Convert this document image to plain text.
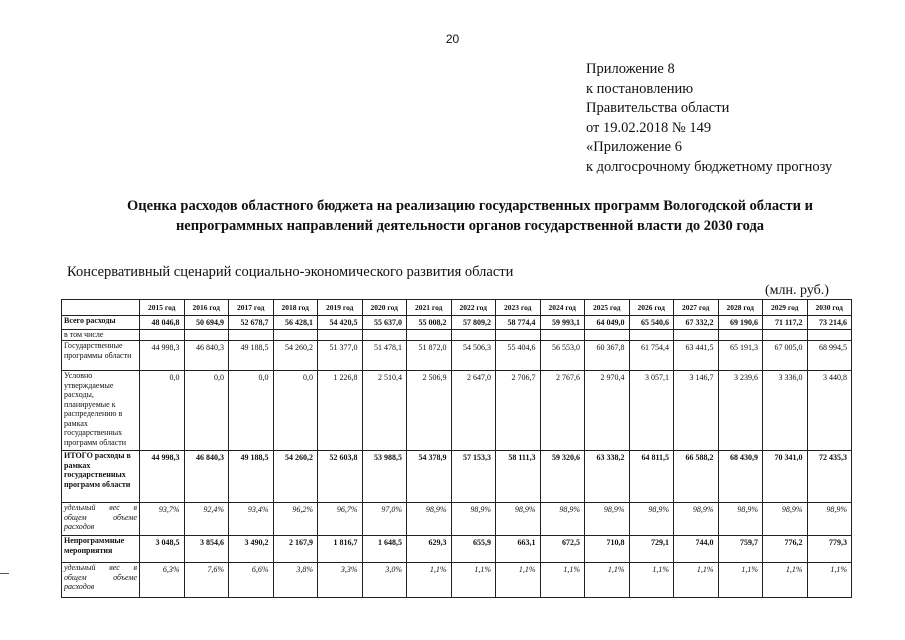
20
Приложение 8
к постановлению
Правительства области
от 19.02.2018 № 149
«Приложение 6
к долгосрочному бюджетному прогнозу
Оценка расходов областного бюджета на реализацию государственных программ Вологодской области и непрограммных направлений деятельности органов государственной власти до 2030 года
Консервативный сценарий социально-экономического развития области
(млн. руб.)
	2015 год	2016 год	2017 год	2018 год	2019 год	2020 год	2021 год	2022 год	2023 год	2024 год	2025 год	2026 год	2027 год	2028 год	2029 год	2030 год
Всего расходы	48 046,8	50 694,9	52 678,7	56 428,1	54 420,5	55 637,0	55 008,2	57 809,2	58 774,4	59 993,1	64 049,0	65 540,6	67 332,2	69 190,6	71 117,2	73 214,6
в том числе																
Государственные программы области	44 998,3	46 840,3	49 188,5	54 260,2	51 377,0	51 478,1	51 872,0	54 506,3	55 404,6	56 553,0	60 367,8	61 754,4	63 441,5	65 191,3	67 005,0	68 994,5
Условно утверждаемые расходы, планируемые к распределению в рамках государственных программ области	0,0	0,0	0,0	0,0	1 226,8	2 510,4	2 506,9	2 647,0	2 706,7	2 767,6	2 970,4	3 057,1	3 146,7	3 239,6	3 336,0	3 440,8
ИТОГО расходы в рамках государственных программ области	44 998,3	46 840,3	49 188,5	54 260,2	52 603,8	53 988,5	54 378,9	57 153,3	58 111,3	59 320,6	63 338,2	64 811,5	66 588,2	68 430,9	70 341,0	72 435,3
удельный вес в общем объеме расходов	93,7%	92,4%	93,4%	96,2%	96,7%	97,0%	98,9%	98,9%	98,9%	98,9%	98,9%	98,9%	98,9%	98,9%	98,9%	98,9%
Непрограммные мероприятия	3 048,5	3 854,6	3 490,2	2 167,9	1 816,7	1 648,5	629,3	655,9	663,1	672,5	710,8	729,1	744,0	759,7	776,2	779,3
удельный вес в общем объеме расходов	6,3%	7,6%	6,6%	3,8%	3,3%	3,0%	1,1%	1,1%	1,1%	1,1%	1,1%	1,1%	1,1%	1,1%	1,1%	1,1%
